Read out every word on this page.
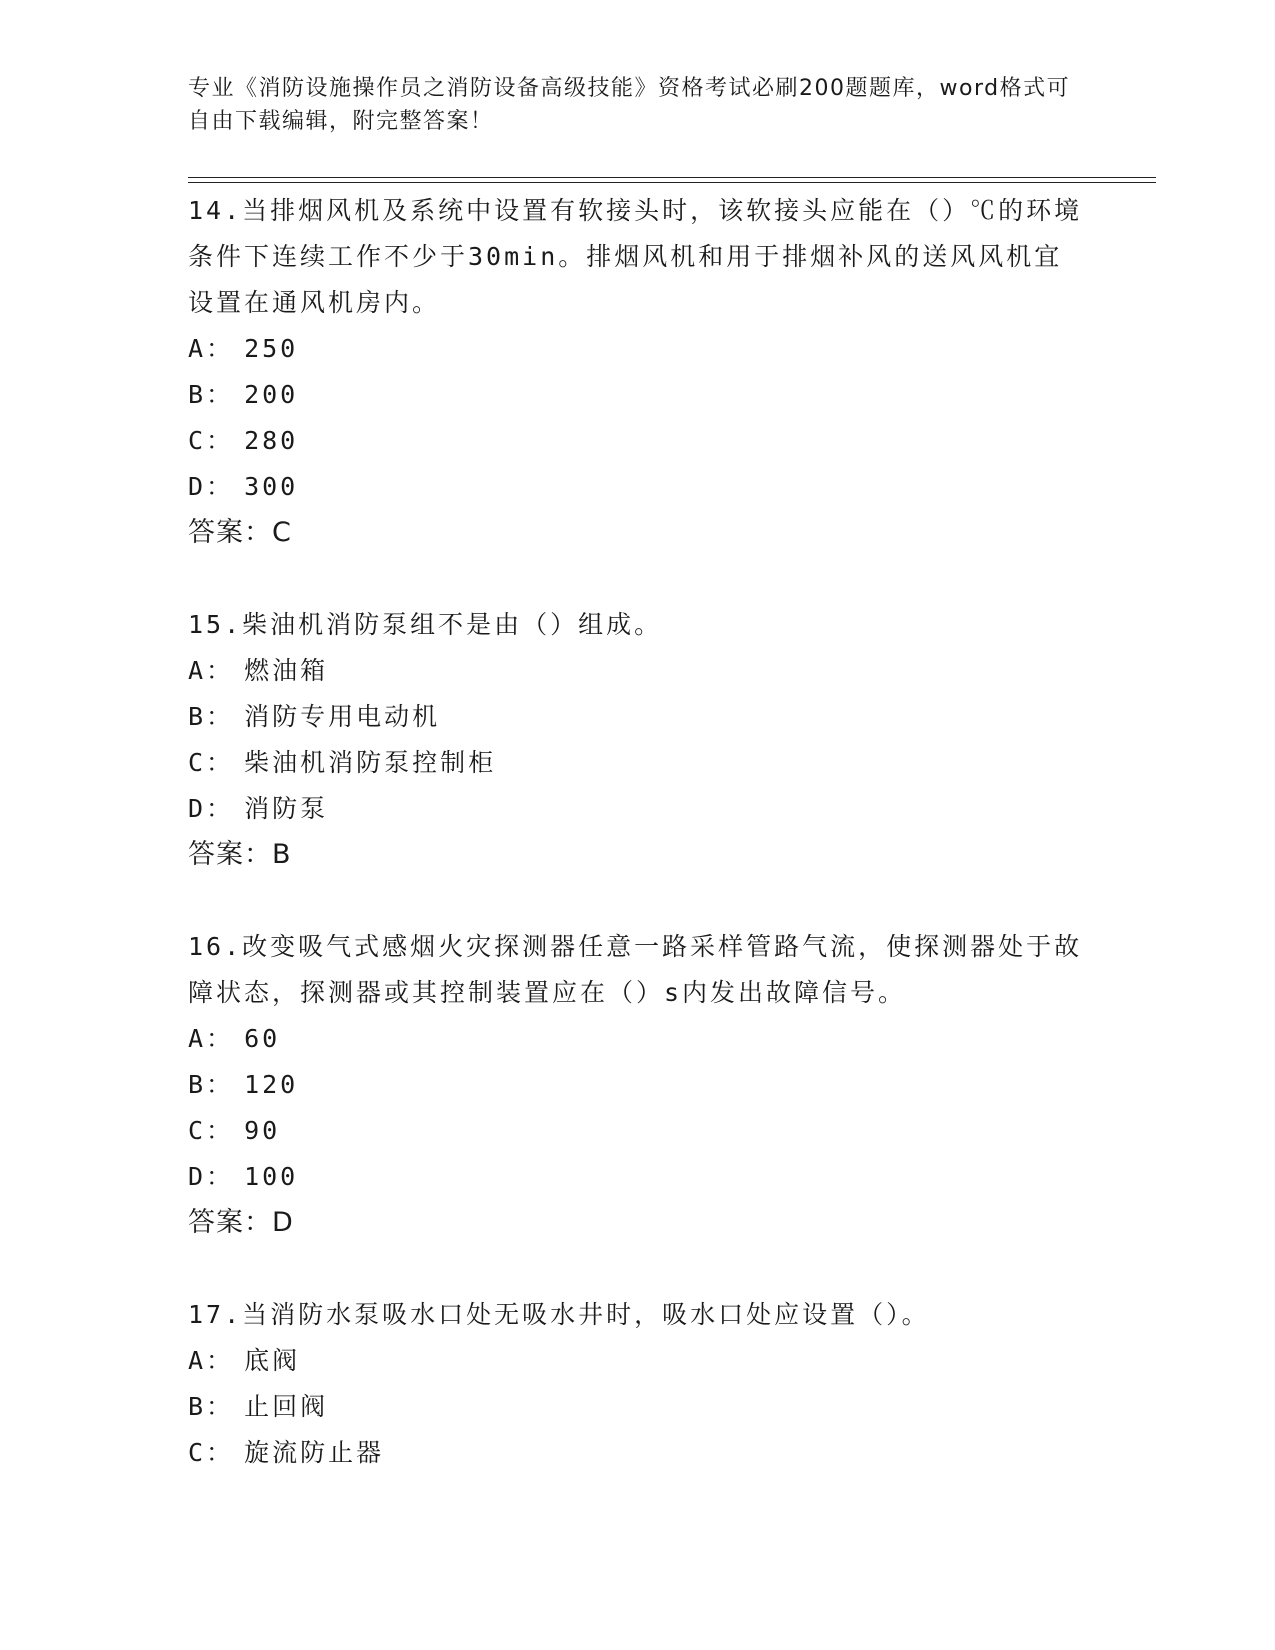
专业《消防设施操作员之消防设备高级技能》资格考试必刷200题题库，word格式可自由下载编辑，附完整答案！

14.当排烟风机及系统中设置有软接头时，该软接头应能在（）℃的环境条件下连续工作不少于30min。排烟风机和用于排烟补风的送风风机宜设置在通风机房内。

A： 250

B： 200

C： 280

D： 300

答案：C

15.柴油机消防泵组不是由（）组成。

A： 燃油箱

B： 消防专用电动机

C： 柴油机消防泵控制柜

D： 消防泵

答案：B

16.改变吸气式感烟火灾探测器任意一路采样管路气流，使探测器处于故障状态，探测器或其控制装置应在（）s内发出故障信号。

A： 60

B： 120

C： 90

D： 100

答案：D

17.当消防水泵吸水口处无吸水井时，吸水口处应设置（）。

A： 底阀

B： 止回阀

C： 旋流防止器
